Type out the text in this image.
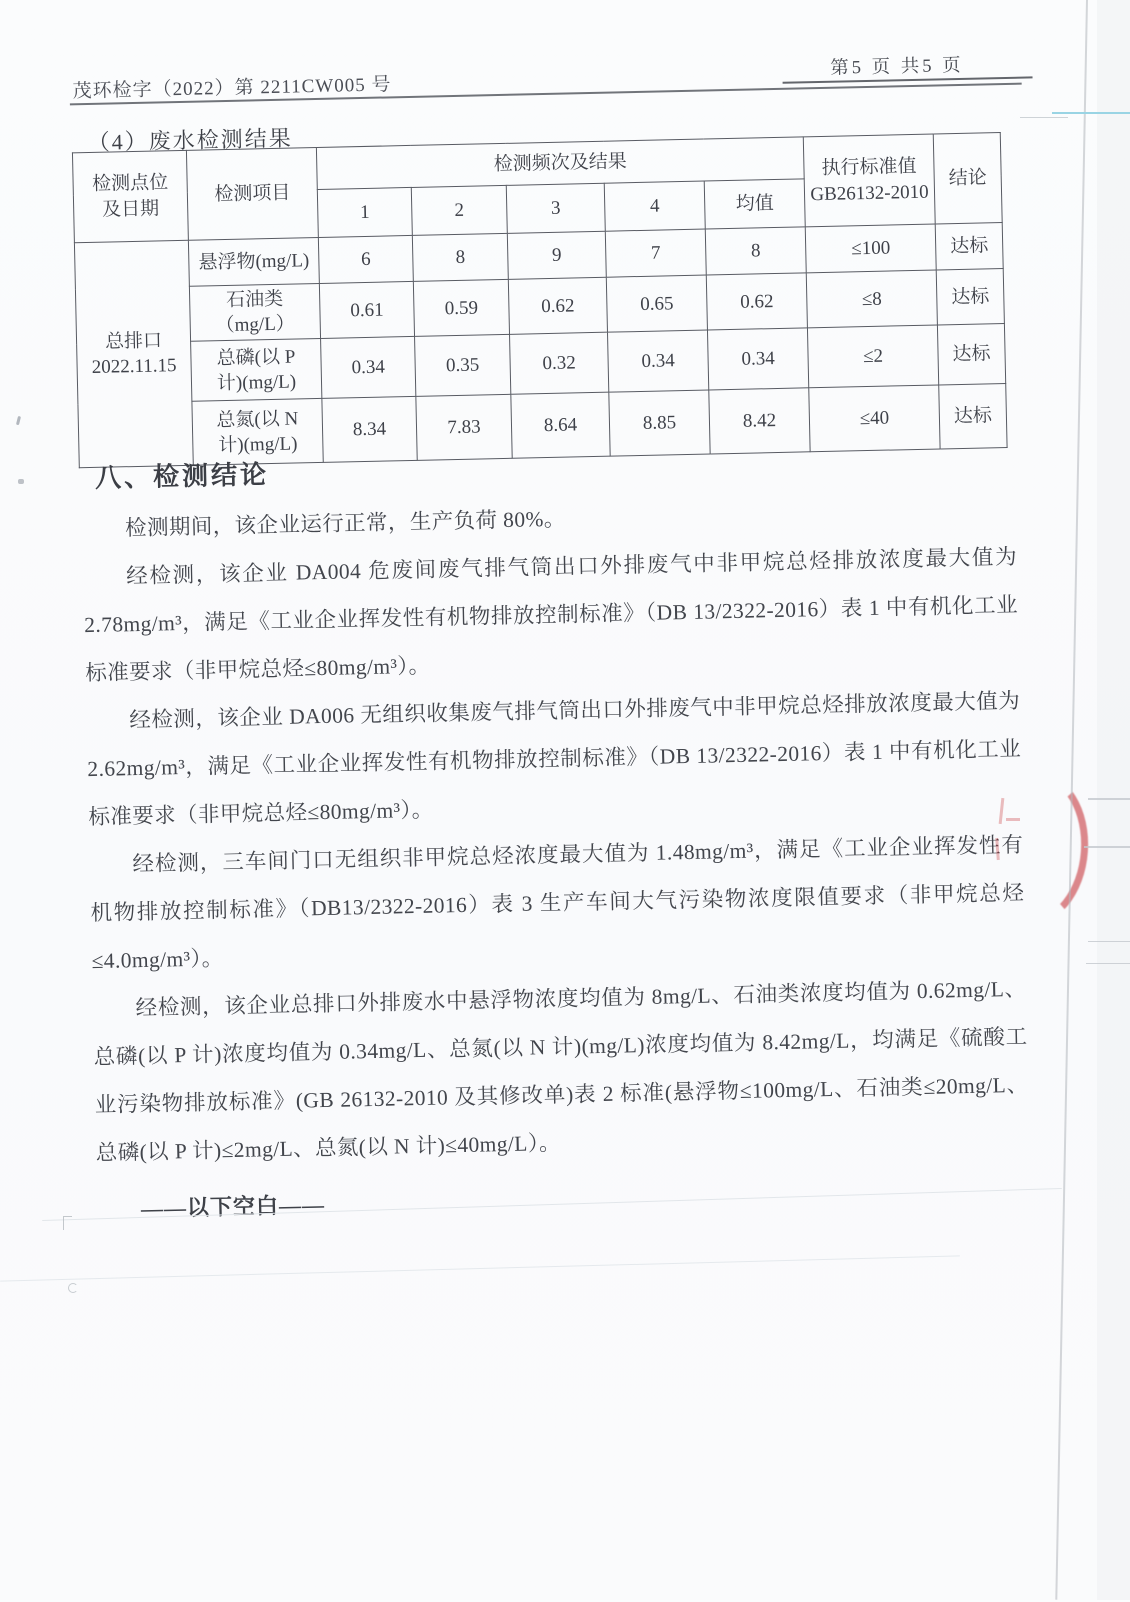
茂环检字（2022）第 2211CW005 号
第5 页 共5 页
（4）废水检测结果
检测点位
及日期	检测项目	检测频次及结果					执行标准值
GB26132-2010	结论
		1	2	3	4	均值		
总排口
2022.11.15	悬浮物(mg/L)	6	8	9	7	8	≤100	达标
	石油类（mg/L）	0.61	0.59	0.62	0.65	0.62	≤8	达标
	总磷(以 P
计)(mg/L)	0.34	0.35	0.32	0.34	0.34	≤2	达标
	总氮(以 N
计)(mg/L)	8.34	7.83	8.64	8.85	8.42	≤40	达标
八、检测结论

检测期间，该企业运行正常，生产负荷 80%。

经检测，该企业 DA004 危废间废气排气筒出口外排废气中非甲烷总烃排放浓度最大值为 2.78mg/m³，满足《工业企业挥发性有机物排放控制标准》（DB 13/2322-2016）表 1 中有机化工业标准要求（非甲烷总烃≤80mg/m³）。

经检测，该企业 DA006 无组织收集废气排气筒出口外排废气中非甲烷总烃排放浓度最大值为 2.62mg/m³，满足《工业企业挥发性有机物排放控制标准》（DB 13/2322-2016）表 1 中有机化工业标准要求（非甲烷总烃≤80mg/m³）。

经检测，三车间门口无组织非甲烷总烃浓度最大值为 1.48mg/m³，满足《工业企业挥发性有机物排放控制标准》（DB13/2322-2016）表 3 生产车间大气污染物浓度限值要求（非甲烷总烃≤4.0mg/m³）。

经检测，该企业总排口外排废水中悬浮物浓度均值为 8mg/L、石油类浓度均值为 0.62mg/L、总磷(以 P 计)浓度均值为 0.34mg/L、总氮(以 N 计)(mg/L)浓度均值为 8.42mg/L，均满足《硫酸工业污染物排放标准》(GB 26132-2010 及其修改单)表 2 标准(悬浮物≤100mg/L、石油类≤20mg/L、总磷(以 P 计)≤2mg/L、总氮(以 N 计)≤40mg/L）。

——以下空白——
